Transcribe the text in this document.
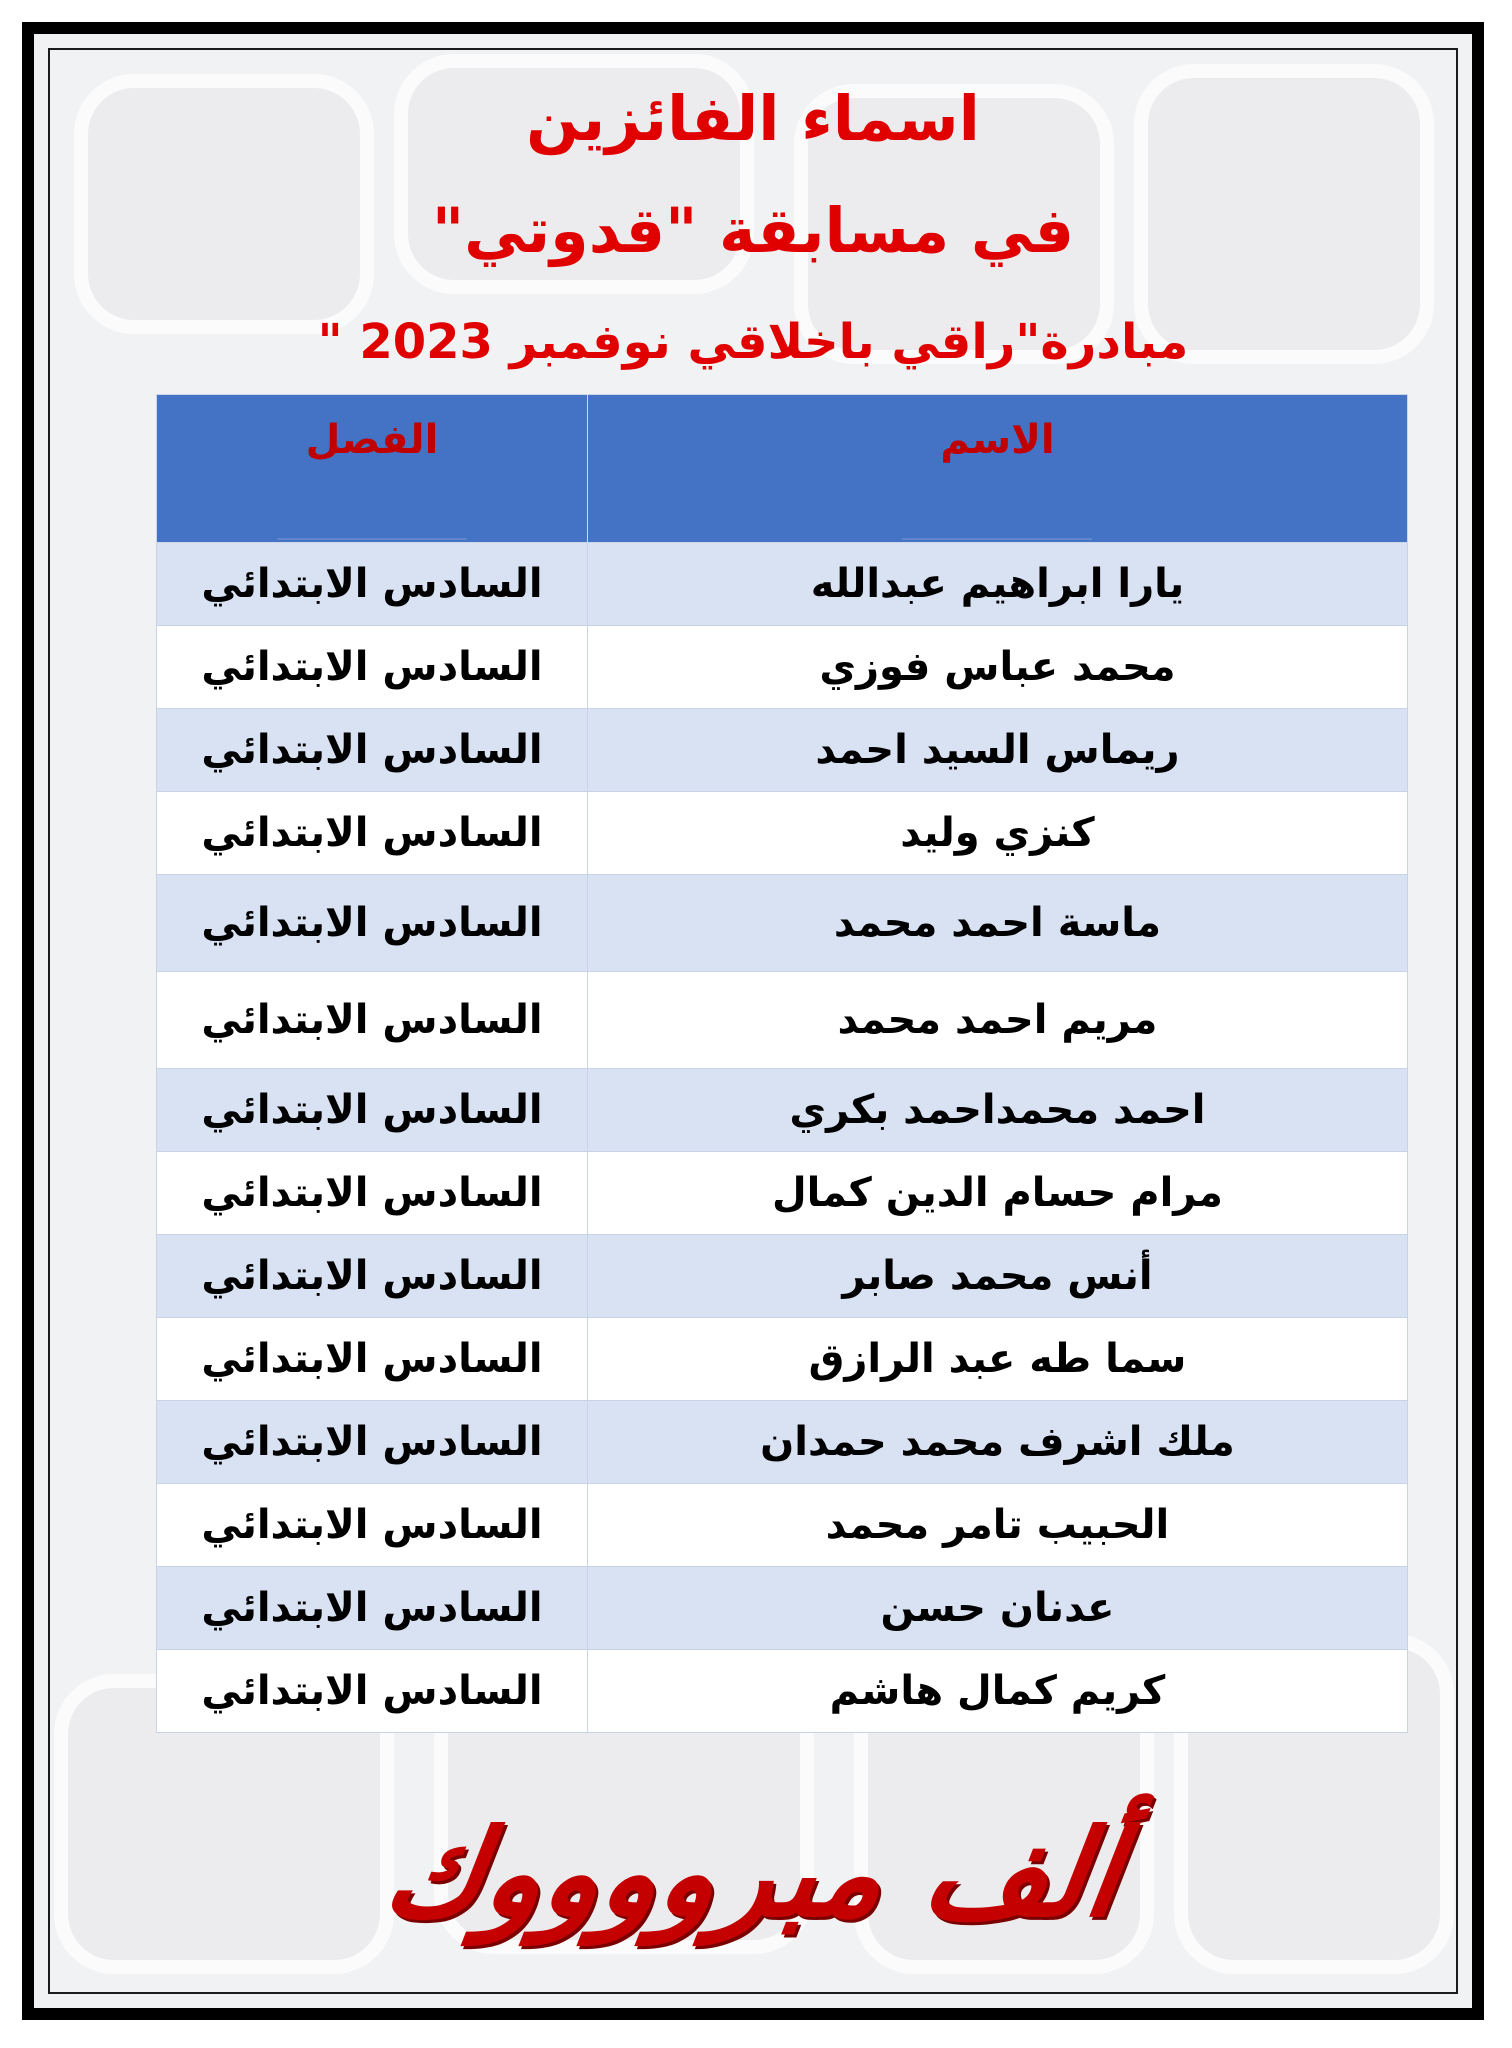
اسماء الفائزين
في مسابقة "قدوتي"
مبادرة"راقي باخلاقي نوفمبر 2023 "
الاسم	الفصل

يارا ابراهيم عبدالله	السادس الابتدائي
محمد عباس فوزي	السادس الابتدائي
ريماس السيد احمد	السادس الابتدائي
كنزي وليد	السادس الابتدائي
ماسة احمد محمد	السادس الابتدائي
مريم احمد محمد	السادس الابتدائي
احمد محمداحمد بكري	السادس الابتدائي
مرام حسام الدين كمال	السادس الابتدائي
أنس محمد صابر	السادس الابتدائي
سما طه عبد الرازق	السادس الابتدائي
ملك اشرف محمد حمدان	السادس الابتدائي
الحبيب تامر محمد	السادس الابتدائي
عدنان حسن	السادس الابتدائي
كريم كمال هاشم	السادس الابتدائي

ألف مبرووووك
